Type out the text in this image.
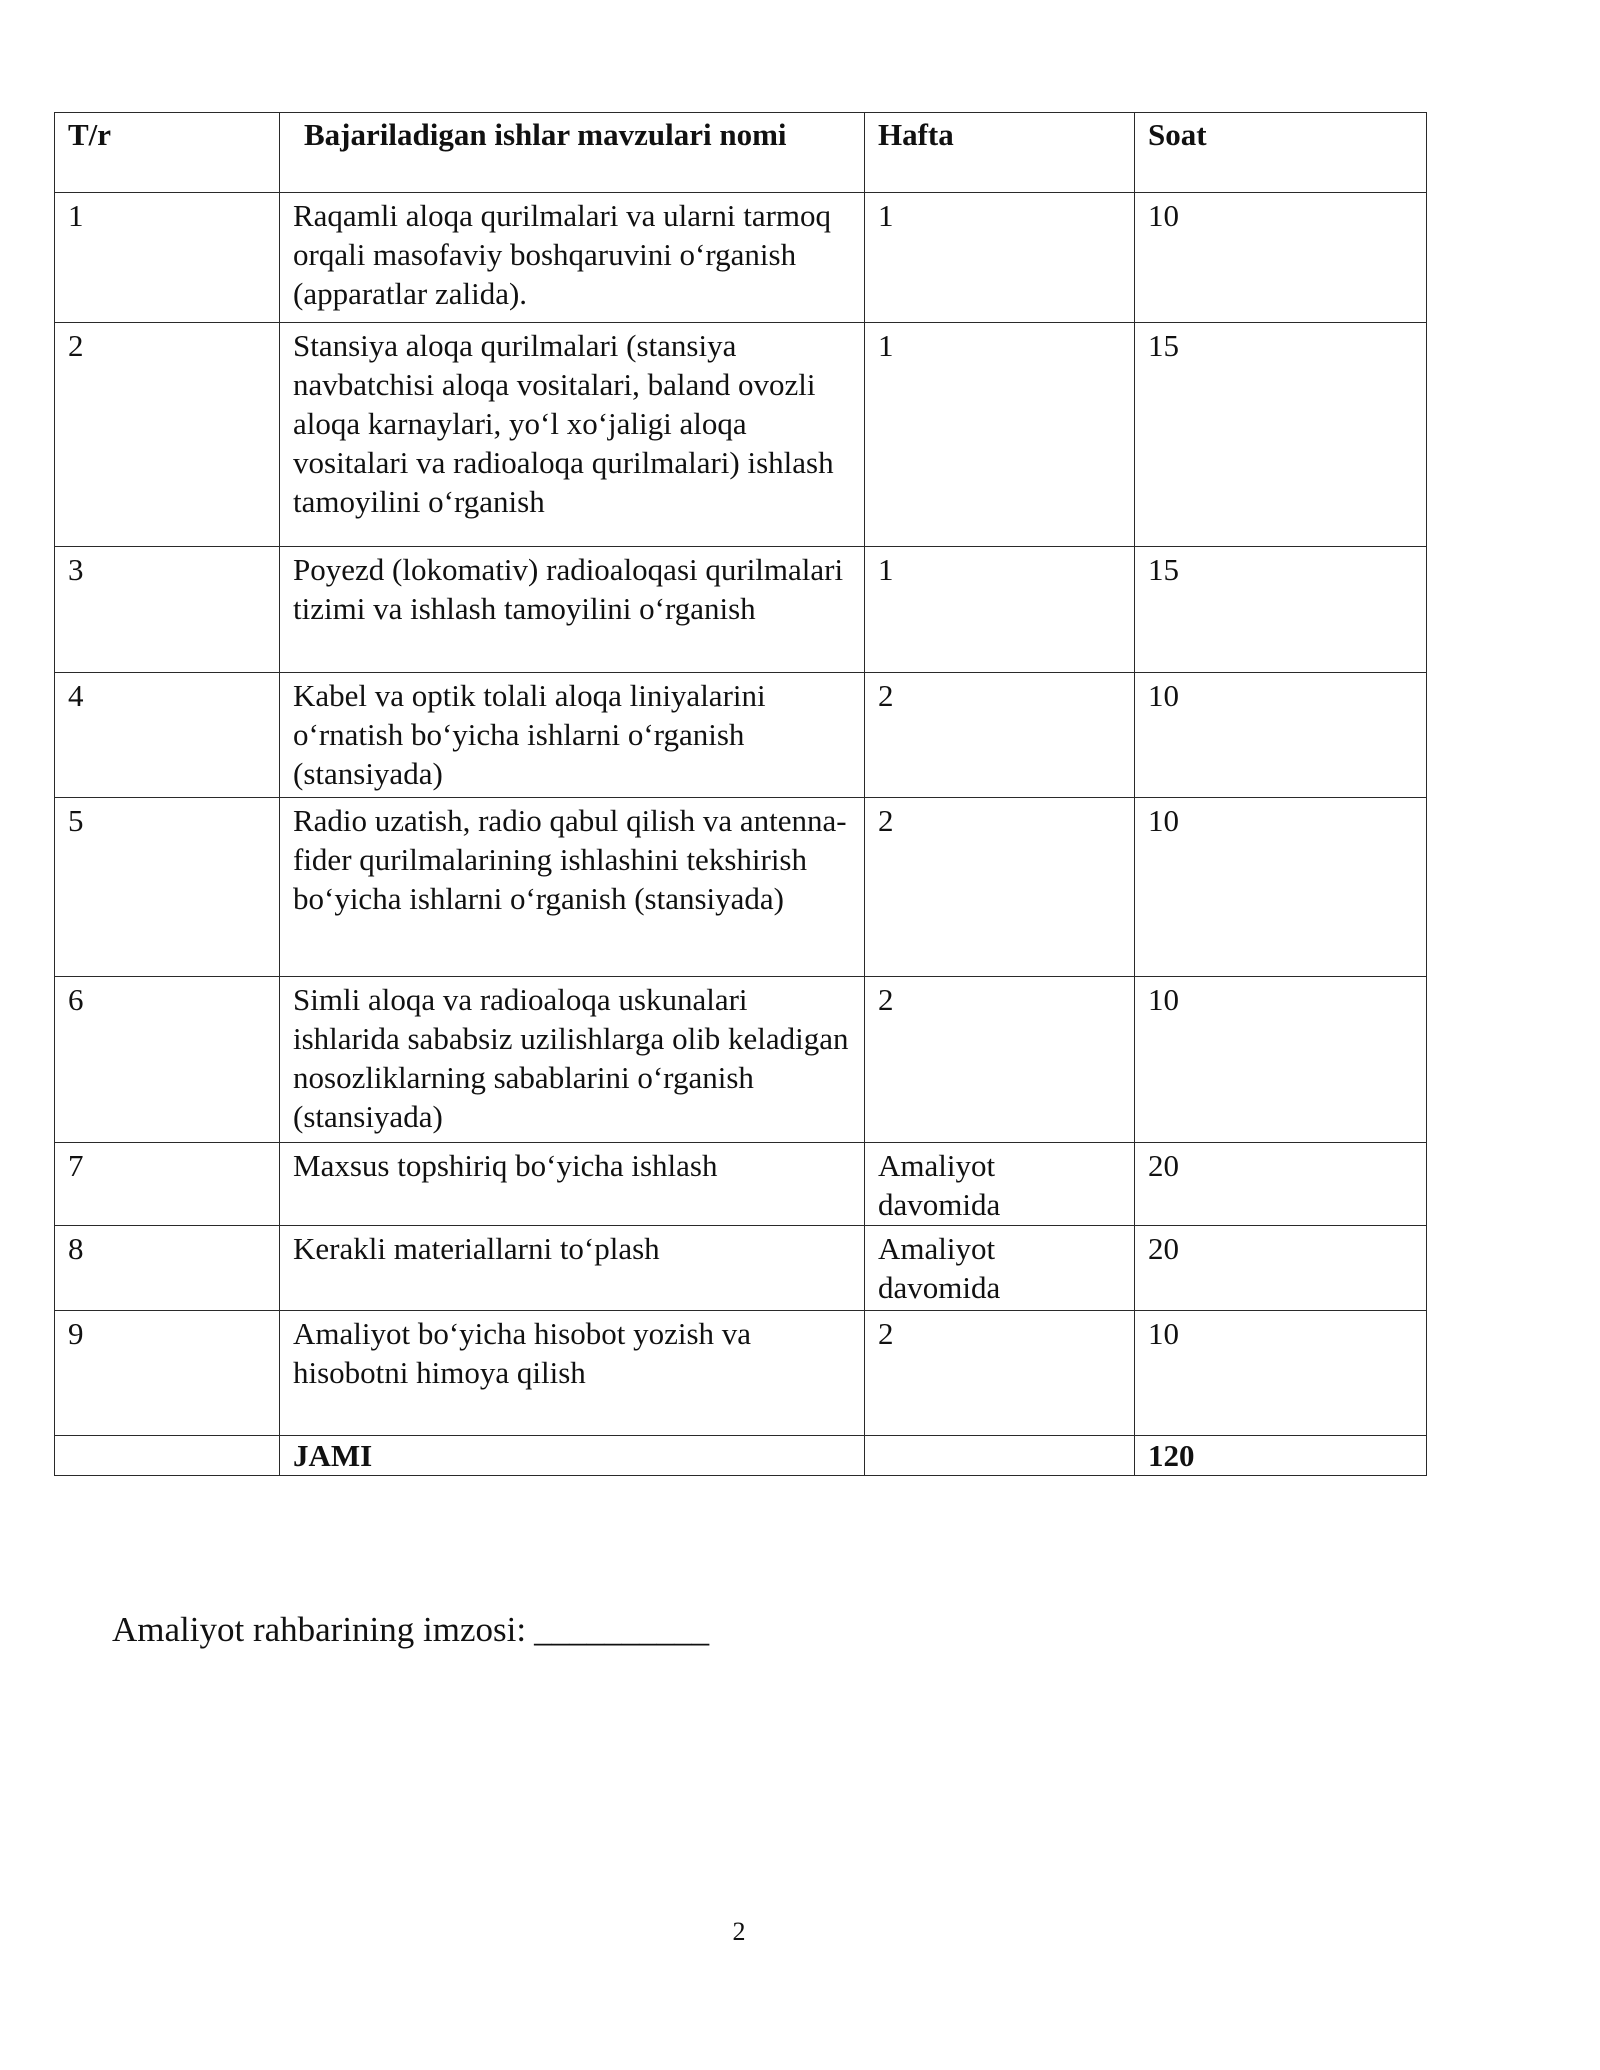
T/r	Bajariladigan ishlar mavzulari nomi	Hafta	Soat
1	Raqamli aloqa qurilmalari va ularni tarmoq orqali masofaviy boshqaruvini o‘rganish (apparatlar zalida).	1	10
2	Stansiya aloqa qurilmalari (stansiya navbatchisi aloqa vositalari, baland ovozli aloqa karnaylari, yo‘l xo‘jaligi aloqa vositalari va radioaloqa qurilmalari) ishlash tamoyilini o‘rganish	1	15
3	Poyezd (lokomativ) radioaloqasi qurilmalari tizimi va ishlash tamoyilini o‘rganish	1	15
4	Kabel va optik tolali aloqa liniyalarini o‘rnatish bo‘yicha ishlarni o‘rganish (stansiyada)	2	10
5	Radio uzatish, radio qabul qilish va antenna-fider qurilmalarining ishlashini tekshirish bo‘yicha ishlarni o‘rganish (stansiyada)	2	10
6	Simli aloqa va radioaloqa uskunalari ishlarida sababsiz uzilishlarga olib keladigan nosozliklarning sabablarini o‘rganish (stansiyada)	2	10
7	Maxsus topshiriq bo‘yicha ishlash	Amaliyot davomida	20
8	Kerakli materiallarni to‘plash	Amaliyot davomida	20
9	Amaliyot bo‘yicha hisobot yozish va hisobotni himoya qilish	2	10
	JAMI		120
Amaliyot rahbarining imzosi: __________
2
